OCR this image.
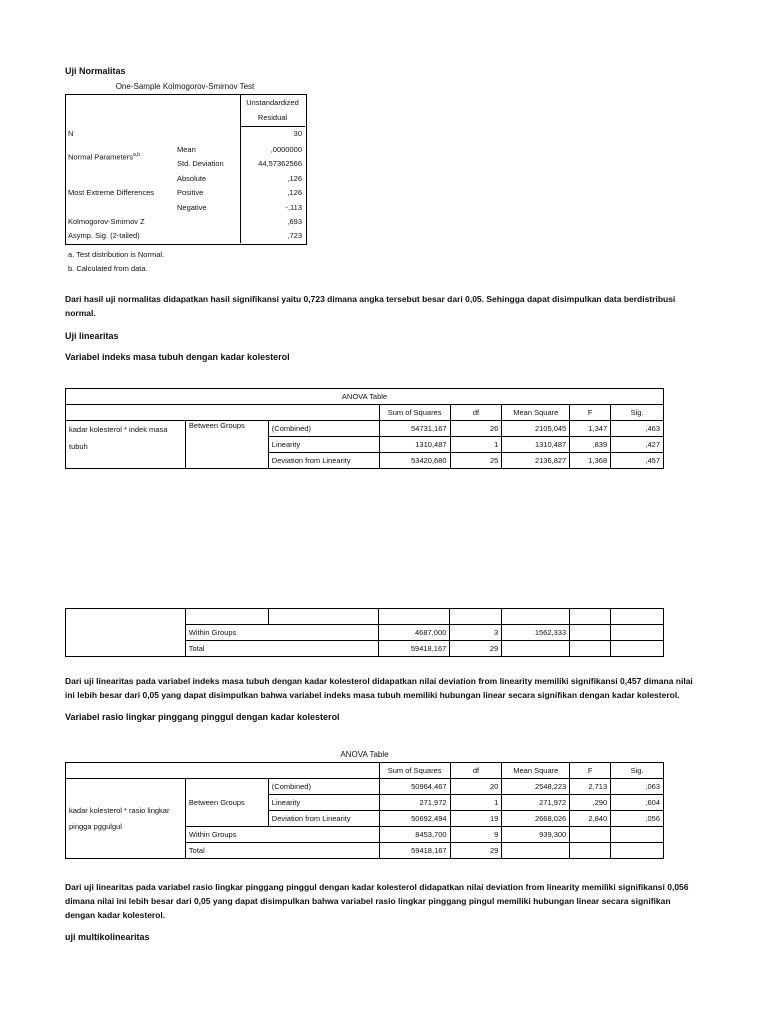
Uji Normalitas
One-Sample Kolmogorov-Smirnov Test
Unstandardized
Residual
N	30
Normal Parameters$^{a,b}$
Mean	,0000000
Std. Deviation	44,57362566
Absolute	,126
Most Extreme Differences	Positive	,126
Negative	-,113
Kolmogorov-Smirnov Z	,693
Asymp. Sig. (2-tailed)	,723
a. Test distribution is Normal.
b. Calculated from data.
Dari hasil uji normalitas didapatkan hasil signifikansi yaitu 0,723 dimana angka tersebut besar dari 0,05. Sehingga dapat disimpulkan data berdistribusi
normal.
Uji linearitas
Variabel indeks masa tubuh dengan kadar kolesterol
ANOVA Table							
			Sum of Squares	df	Mean Square	F	Sig.
kadar kolesterol * indek masa
tubuh	Between Groups	(Combined)	54731,167	26	2105,045	1,347	,463
		Linearity	1310,487	1	1310,487	,839	,427
		Deviation from Linearity	53420,680	25	2136,827	1,368	,457

	Within Groups		4687,000	3	1562,333		
	Total		59418,167	29			
Dari uji linearitas pada variabel indeks masa tubuh dengan kadar kolesterol didapatkan nilai deviation from linearity memiliki signifikansi 0,457 dimana nilai
ini lebih besar dari 0,05 yang dapat disimpulkan bahwa variabel indeks masa tubuh memiliki hubungan linear secara signifikan dengan kadar kolesterol.
Variabel rasio lingkar pinggang pinggul dengan kadar kolesterol
ANOVA Table
			Sum of Squares	df	Mean Square	F	Sig.
kadar kolesterol * rasio lingkar
pingga pggulgul	Between Groups	(Combined)	50964,467	20	2548,223	2,713	,063
		Linearity	271,972	1	271,972	,290	,604
		Deviation from Linearity	50692,494	19	2668,026	2,840	,056
	Within Groups		8453,700	9	939,300		
	Total		59418,167	29			
Dari uji linearitas pada variabel rasio lingkar pinggang pinggul dengan kadar kolesterol didapatkan nilai deviation from linearity memiliki signifikansi 0,056
dimana nilai ini lebih besar dari 0,05 yang dapat disimpulkan bahwa variabel rasio lingkar pinggang pingul memiliki hubungan linear secara signifikan
dengan kadar kolesterol.
uji multikolinearitas
